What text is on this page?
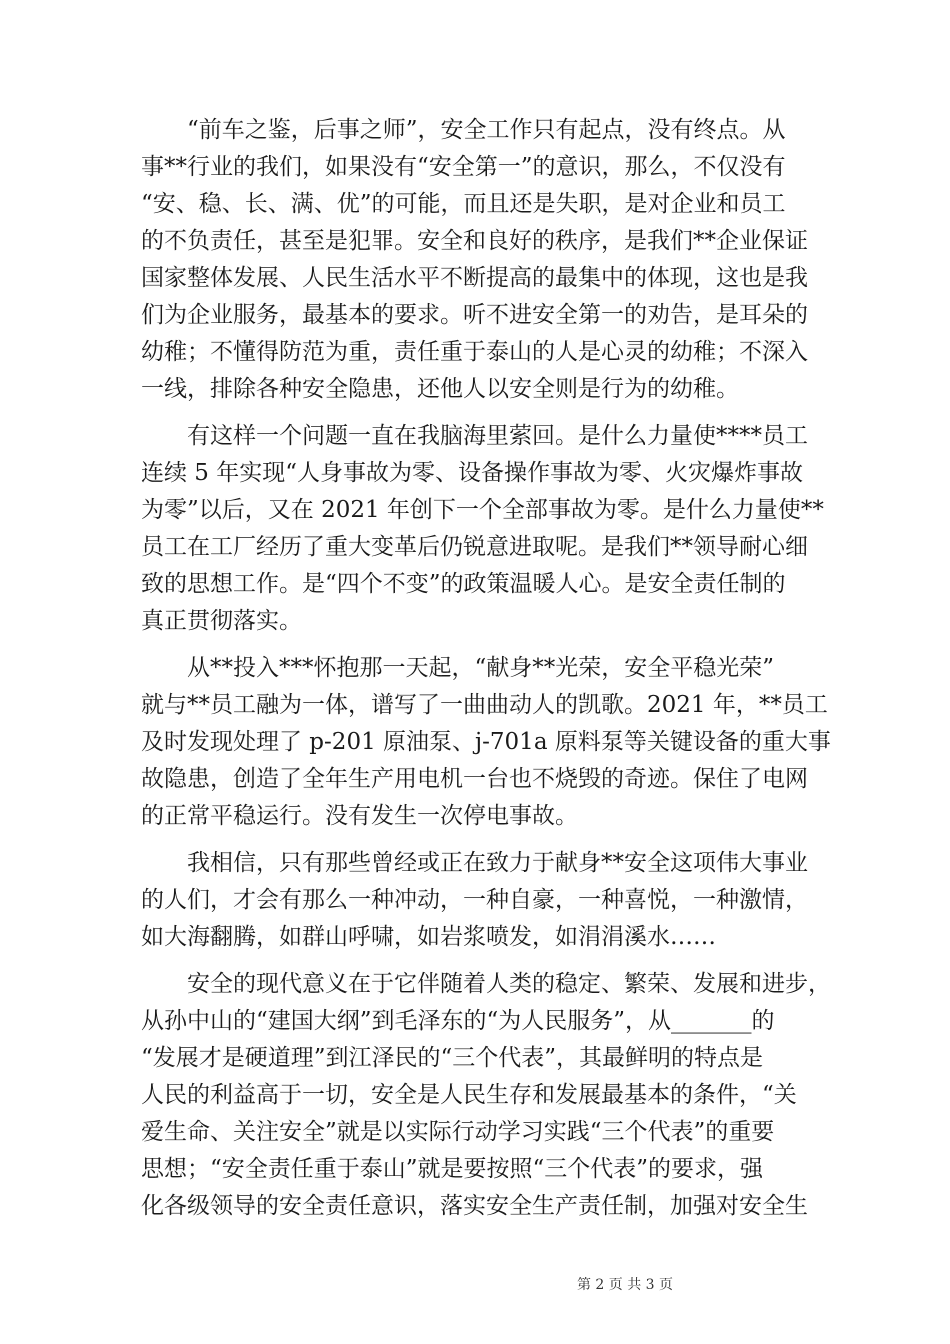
　　“前车之鉴，后事之师”，安全工作只有起点，没有终点。从
事**行业的我们，如果没有“安全第一”的意识，那么，不仅没有
“安、稳、长、满、优”的可能，而且还是失职，是对企业和员工
的不负责任，甚至是犯罪。安全和良好的秩序，是我们**企业保证
国家整体发展、人民生活水平不断提高的最集中的体现，这也是我
们为企业服务，最基本的要求。听不进安全第一的劝告，是耳朵的
幼稚；不懂得防范为重，责任重于泰山的人是心灵的幼稚；不深入
一线，排除各种安全隐患，还他人以安全则是行为的幼稚。
　　有这样一个问题一直在我脑海里萦回。是什么力量使****员工
连续 5 年实现“人身事故为零、设备操作事故为零、火灾爆炸事故
为零”以后，又在 2021 年创下一个全部事故为零。是什么力量使**
员工在工厂经历了重大变革后仍锐意进取呢。是我们**领导耐心细
致的思想工作。是“四个不变”的政策温暖人心。是安全责任制的
真正贯彻落实。
　　从**投入***怀抱那一天起，“献身**光荣，安全平稳光荣”
就与**员工融为一体，谱写了一曲曲动人的凯歌。2021 年，**员工
及时发现处理了 p-201 原油泵、j-701a 原料泵等关键设备的重大事
故隐患，创造了全年生产用电机一台也不烧毁的奇迹。保住了电网
的正常平稳运行。没有发生一次停电事故。
　　我相信，只有那些曾经或正在致力于献身**安全这项伟大事业
的人们，才会有那么一种冲动，一种自豪，一种喜悦，一种激情，
如大海翻腾，如群山呼啸，如岩浆喷发，如涓涓溪水……
　　安全的现代意义在于它伴随着人类的稳定、繁荣、发展和进步，
从孙中山的“建国大纲”到毛泽东的“为人民服务”，从_______的
“发展才是硬道理”到江泽民的“三个代表”，其最鲜明的特点是
人民的利益高于一切，安全是人民生存和发展最基本的条件，“关
爱生命、关注安全”就是以实际行动学习实践“三个代表”的重要
思想；“安全责任重于泰山”就是要按照“三个代表”的要求，强
化各级领导的安全责任意识，落实安全生产责任制，加强对安全生
第 2 页 共 3 页
